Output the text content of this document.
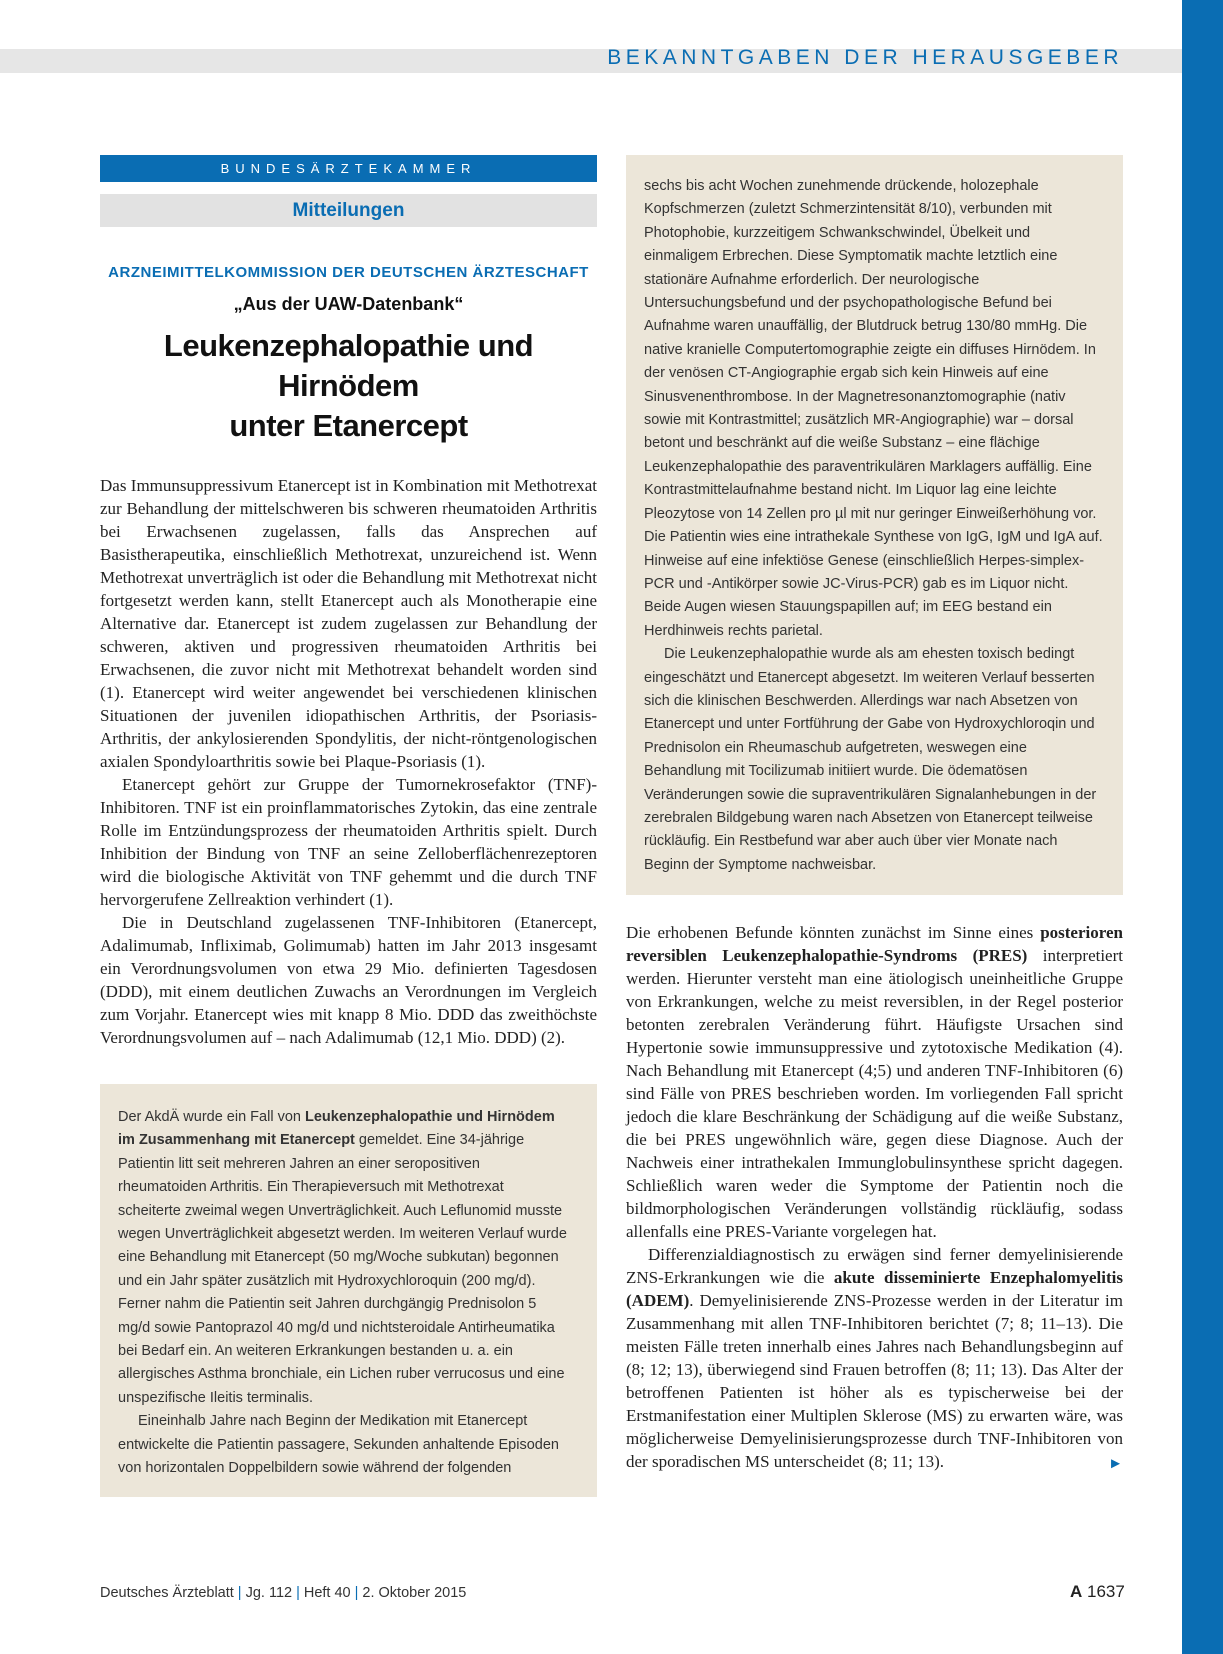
BEKANNTGABEN DER HERAUSGEBER
BUNDESÄRZTEKAMMER
Mitteilungen
ARZNEIMITTELKOMMISSION DER DEUTSCHEN ÄRZTESCHAFT
„Aus der UAW-Datenbank“
Leukenzephalopathie und Hirnödem
unter Etanercept

Das Immunsuppressivum Etanercept ist in Kombination mit Methotrexat zur Behandlung der mittelschweren bis schweren rheumatoiden Arthritis bei Erwachsenen zugelassen, falls das Ansprechen auf Basistherapeutika, einschließlich Methotrexat, unzureichend ist. Wenn Methotrexat unverträglich ist oder die Behandlung mit Methotrexat nicht fortgesetzt werden kann, stellt Etanercept auch als Monotherapie eine Alternative dar. Etanercept ist zudem zugelassen zur Behandlung der schweren, aktiven und progressiven rheumatoiden Arthritis bei Erwachsenen, die zuvor nicht mit Methotrexat behandelt worden sind (1). Etanercept wird weiter angewendet bei verschiedenen klinischen Situationen der juvenilen idiopathischen Arthritis, der Psoriasis-Arthritis, der ankylosierenden Spondylitis, der nicht-röntgenologischen axialen Spondyloarthritis sowie bei Plaque-Psoriasis (1).

Etanercept gehört zur Gruppe der Tumornekrosefaktor (TNF)-Inhibitoren. TNF ist ein proinflammatorisches Zytokin, das eine zentrale Rolle im Entzündungsprozess der rheumatoiden Arthritis spielt. Durch Inhibition der Bindung von TNF an seine Zelloberflächenrezeptoren wird die biologische Aktivität von TNF gehemmt und die durch TNF hervorgerufene Zellreaktion verhindert (1).

Die in Deutschland zugelassenen TNF-Inhibitoren (Etanercept, Adalimumab, Infliximab, Golimumab) hatten im Jahr 2013 insgesamt ein Verordnungsvolumen von etwa 29 Mio. definierten Tagesdosen (DDD), mit einem deutlichen Zuwachs an Verordnungen im Vergleich zum Vorjahr. Etanercept wies mit knapp 8 Mio. DDD das zweithöchste Verordnungsvolumen auf – nach Adalimumab (12,1 Mio. DDD) (2).

Der AkdÄ wurde ein Fall von Leukenzephalopathie und Hirnödem im Zusammenhang mit Etanercept gemeldet. Eine 34-jährige Patientin litt seit mehreren Jahren an einer seropositiven rheumatoiden Arthritis. Ein Therapieversuch mit Methotrexat scheiterte zweimal wegen Unverträglichkeit. Auch Leflunomid musste wegen Unverträglichkeit abgesetzt werden. Im weiteren Verlauf wurde eine Behandlung mit Etanercept (50 mg/Woche subkutan) begonnen und ein Jahr später zusätzlich mit Hydroxychloroquin (200 mg/d). Ferner nahm die Patientin seit Jahren durchgängig Prednisolon 5 mg/d sowie Pantoprazol 40 mg/d und nichtsteroidale Antirheumatika bei Bedarf ein. An weiteren Erkrankungen bestanden u. a. ein allergisches Asthma bronchiale, ein Lichen ruber verrucosus und eine unspezifische Ileitis terminalis.

Eineinhalb Jahre nach Beginn der Medikation mit Etanercept entwickelte die Patientin passagere, Sekunden anhaltende Episoden von horizontalen Doppelbildern sowie während der folgenden

sechs bis acht Wochen zunehmende drückende, holozephale Kopfschmerzen (zuletzt Schmerzintensität 8/10), verbunden mit Photophobie, kurzzeitigem Schwankschwindel, Übelkeit und einmaligem Erbrechen. Diese Symptomatik machte letztlich eine stationäre Aufnahme erforderlich. Der neurologische Untersuchungsbefund und der psychopathologische Befund bei Aufnahme waren unauffällig, der Blutdruck betrug 130/80 mmHg. Die native kranielle Computertomographie zeigte ein diffuses Hirnödem. In der venösen CT-Angiographie ergab sich kein Hinweis auf eine Sinusvenenthrombose. In der Magnetresonanztomographie (nativ sowie mit Kontrastmittel; zusätzlich MR-Angiographie) war – dorsal betont und beschränkt auf die weiße Substanz – eine flächige Leukenzephalopathie des paraventrikulären Marklagers auffällig. Eine Kontrastmittelaufnahme bestand nicht. Im Liquor lag eine leichte Pleozytose von 14 Zellen pro µl mit nur geringer Einweißerhöhung vor. Die Patientin wies eine intrathekale Synthese von IgG, IgM und IgA auf. Hinweise auf eine infektiöse Genese (einschließlich Herpes-simplex-PCR und -Antikörper sowie JC-Virus-PCR) gab es im Liquor nicht. Beide Augen wiesen Stauungspapillen auf; im EEG bestand ein Herdhinweis rechts parietal.

Die Leukenzephalopathie wurde als am ehesten toxisch bedingt eingeschätzt und Etanercept abgesetzt. Im weiteren Verlauf besserten sich die klinischen Beschwerden. Allerdings war nach Absetzen von Etanercept und unter Fortführung der Gabe von Hydroxychloroqin und Prednisolon ein Rheumaschub aufgetreten, weswegen eine Behandlung mit Tocilizumab initiiert wurde. Die ödematösen Veränderungen sowie die supraventrikulären Signalanhebungen in der zerebralen Bildgebung waren nach Absetzen von Etanercept teilweise rückläufig. Ein Restbefund war aber auch über vier Monate nach Beginn der Symptome nachweisbar.

Die erhobenen Befunde könnten zunächst im Sinne eines posterioren reversiblen Leukenzephalopathie-Syndroms (PRES) interpretiert werden. Hierunter versteht man eine ätiologisch uneinheitliche Gruppe von Erkrankungen, welche zu meist reversiblen, in der Regel posterior betonten zerebralen Veränderung führt. Häufigste Ursachen sind Hypertonie sowie immunsuppressive und zytotoxische Medikation (4). Nach Behandlung mit Etanercept (4;5) und anderen TNF-Inhibitoren (6) sind Fälle von PRES beschrieben worden. Im vorliegenden Fall spricht jedoch die klare Beschränkung der Schädigung auf die weiße Substanz, die bei PRES ungewöhnlich wäre, gegen diese Diagnose. Auch der Nachweis einer intrathekalen Immunglobulinsynthese spricht dagegen. Schließlich waren weder die Symptome der Patientin noch die bildmorphologischen Veränderungen vollständig rückläufig, sodass allenfalls eine PRES-Variante vorgelegen hat.

Differenzialdiagnostisch zu erwägen sind ferner demyelinisierende ZNS-Erkrankungen wie die akute disseminierte Enzephalomyelitis (ADEM). Demyelinisierende ZNS-Prozesse werden in der Literatur im Zusammenhang mit allen TNF-Inhibitoren berichtet (7; 8; 11–13). Die meisten Fälle treten innerhalb eines Jahres nach Behandlungsbeginn auf (8; 12; 13), überwiegend sind Frauen betroffen (8; 11; 13). Das Alter der betroffenen Patienten ist höher als es typischerweise bei der Erstmanifestation einer Multiplen Sklerose (MS) zu erwarten wäre, was möglicherweise Demyelinisierungsprozesse durch TNF-Inhibitoren von der sporadischen MS unterscheidet (8; 11; 13).	►

Deutsches Ärzteblatt | Jg. 112 | Heft 40 | 2. Oktober 2015	A 1637
